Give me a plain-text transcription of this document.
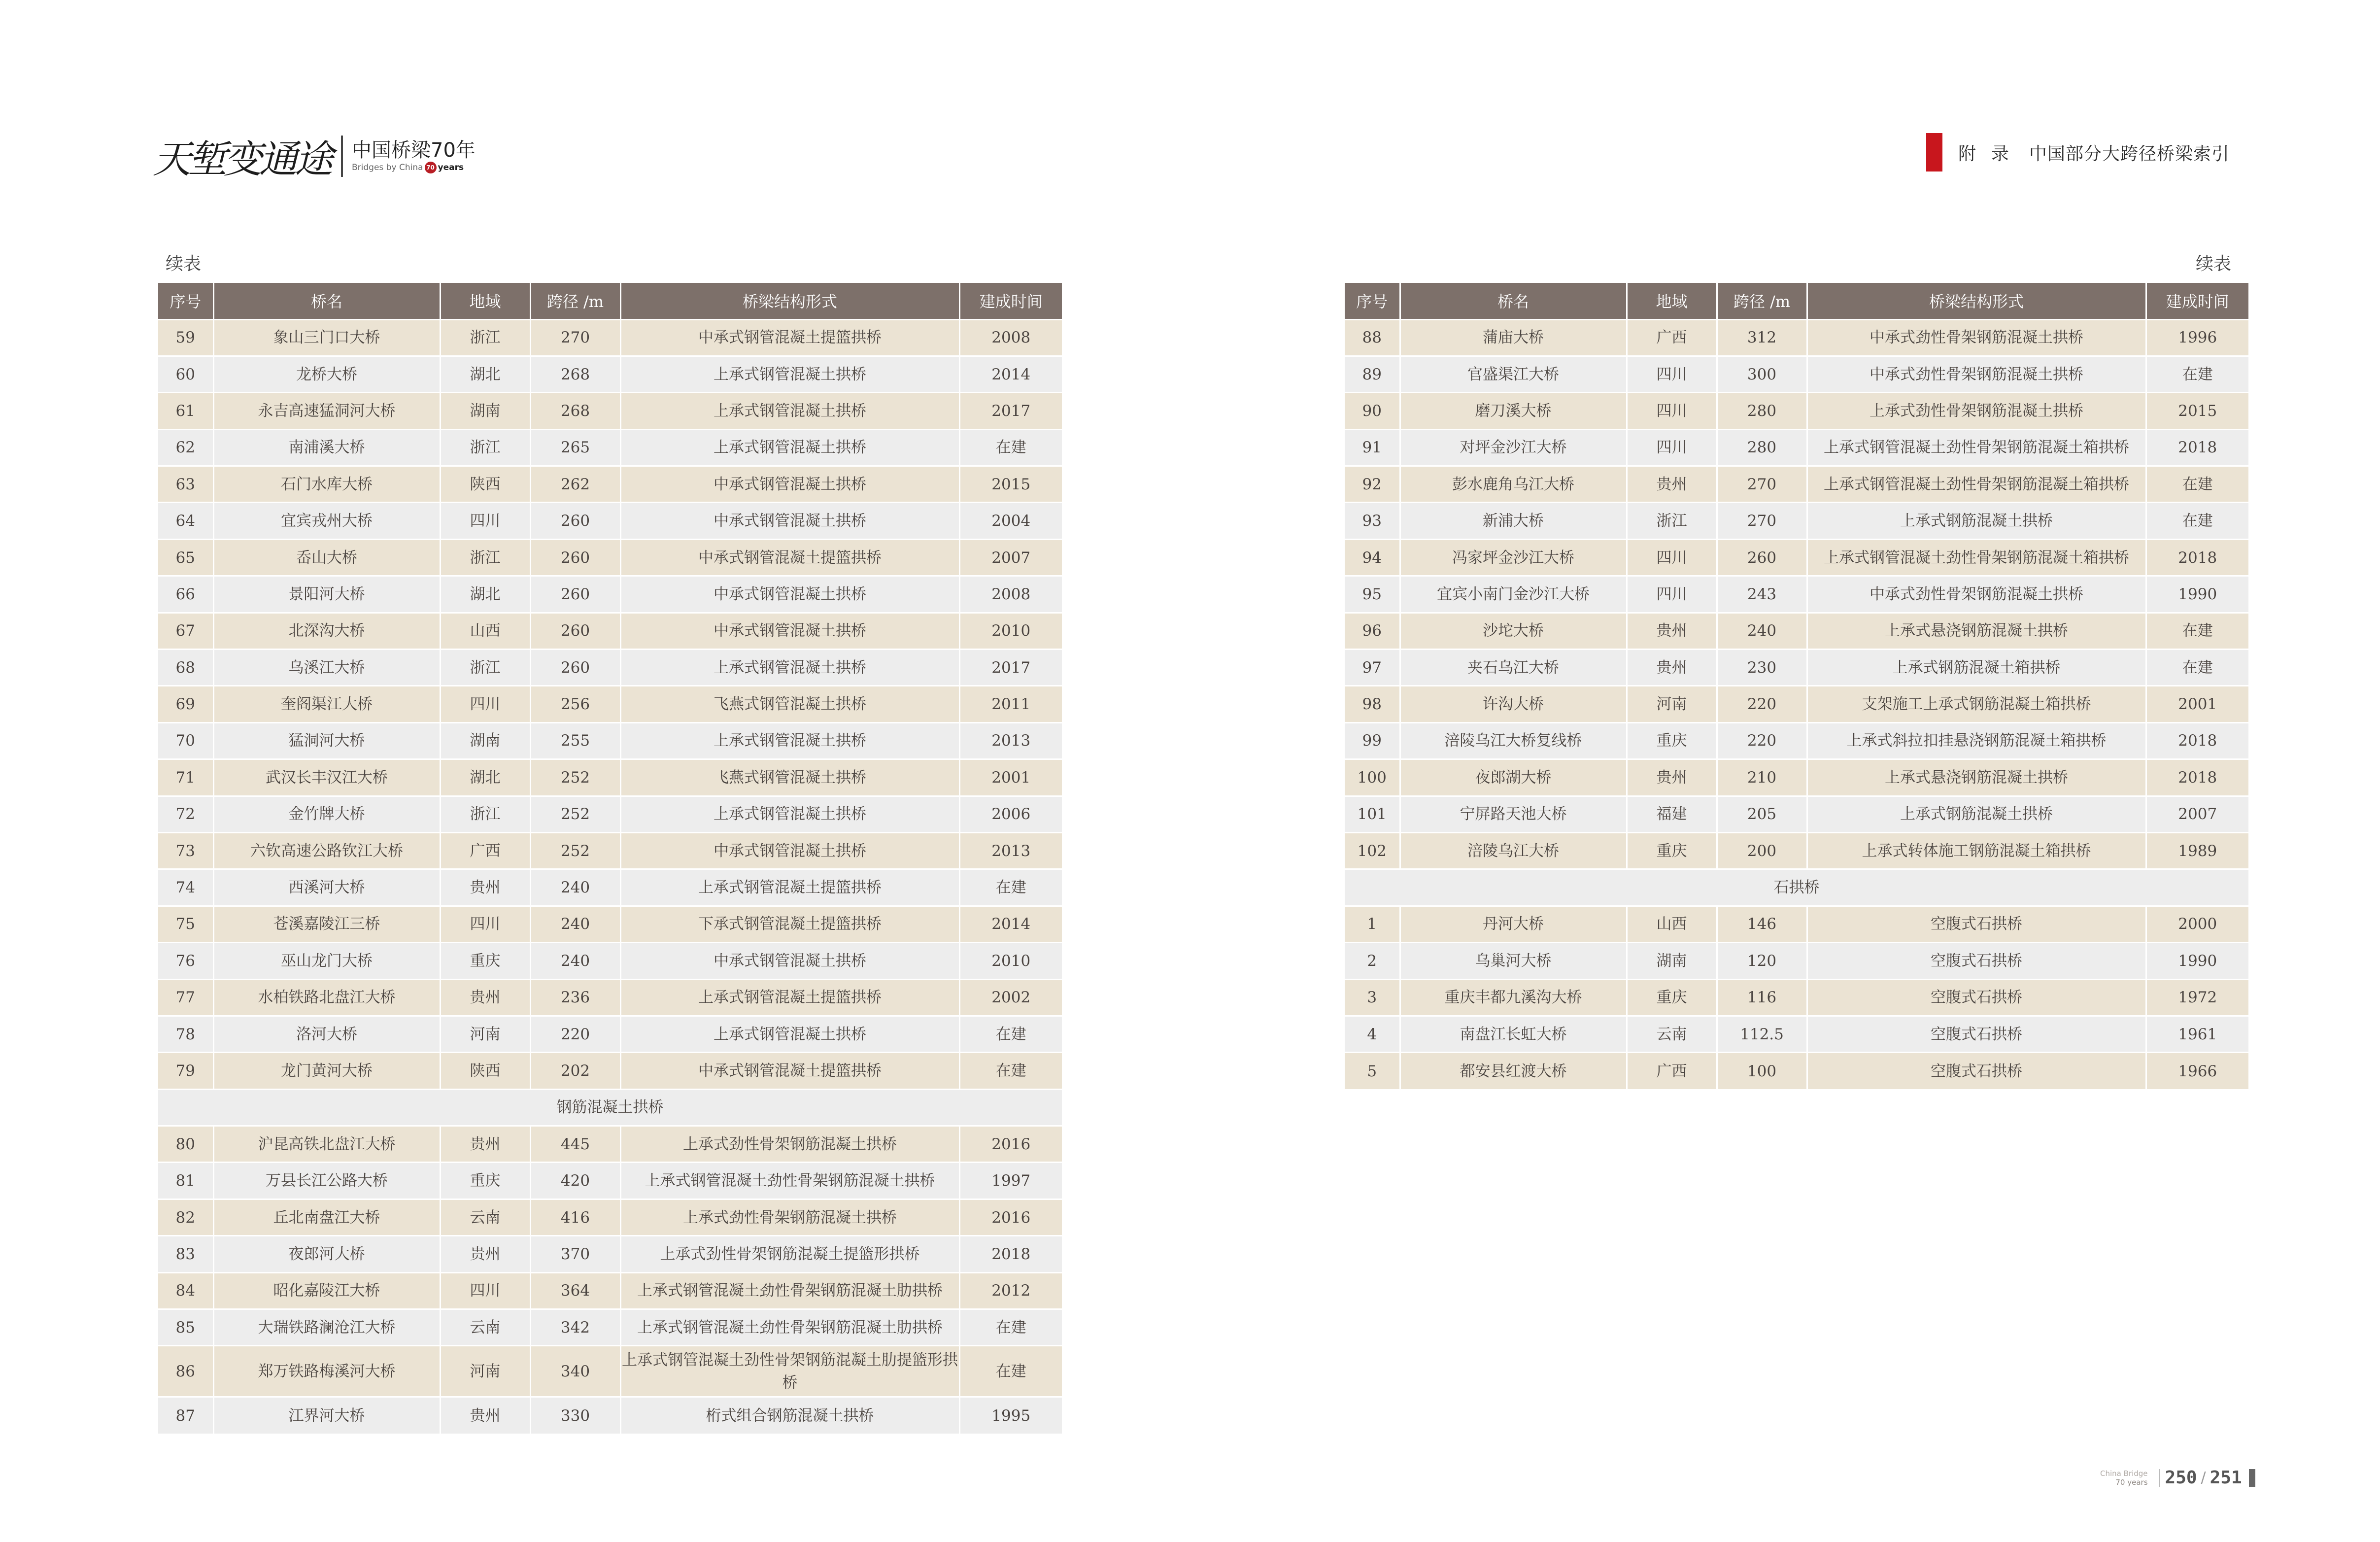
天堑变通途 中国桥梁70年
Bridges by China 70 years
附 录 中国部分大跨径桥梁索引
续表	续表
序号	桥名	地域	跨径 /m	桥梁结构形式	建成时间
59	象山三门口大桥	浙江	270	中承式钢管混凝土提篮拱桥	2008
60	龙桥大桥	湖北	268	上承式钢管混凝土拱桥	2014
61	永吉高速猛洞河大桥	湖南	268	上承式钢管混凝土拱桥	2017
62	南浦溪大桥	浙江	265	上承式钢管混凝土拱桥	在建
63	石门水库大桥	陕西	262	中承式钢管混凝土拱桥	2015
64	宜宾戎州大桥	四川	260	中承式钢管混凝土拱桥	2004
65	岙山大桥	浙江	260	中承式钢管混凝土提篮拱桥	2007
66	景阳河大桥	湖北	260	中承式钢管混凝土拱桥	2008
67	北深沟大桥	山西	260	中承式钢管混凝土拱桥	2010
68	乌溪江大桥	浙江	260	上承式钢管混凝土拱桥	2017
69	奎阁渠江大桥	四川	256	飞燕式钢管混凝土拱桥	2011
70	猛洞河大桥	湖南	255	上承式钢管混凝土拱桥	2013
71	武汉长丰汉江大桥	湖北	252	飞燕式钢管混凝土拱桥	2001
72	金竹牌大桥	浙江	252	上承式钢管混凝土拱桥	2006
73	六钦高速公路钦江大桥	广西	252	中承式钢管混凝土拱桥	2013
74	西溪河大桥	贵州	240	上承式钢管混凝土提篮拱桥	在建
75	苍溪嘉陵江三桥	四川	240	下承式钢管混凝土提篮拱桥	2014
76	巫山龙门大桥	重庆	240	中承式钢管混凝土拱桥	2010
77	水柏铁路北盘江大桥	贵州	236	上承式钢管混凝土提篮拱桥	2002
78	洛河大桥	河南	220	上承式钢管混凝土拱桥	在建
79	龙门黄河大桥	陕西	202	中承式钢管混凝土提篮拱桥	在建
钢筋混凝土拱桥					
80	沪昆高铁北盘江大桥	贵州	445	上承式劲性骨架钢筋混凝土拱桥	2016
81	万县长江公路大桥	重庆	420	上承式钢管混凝土劲性骨架钢筋混凝土拱桥	1997
82	丘北南盘江大桥	云南	416	上承式劲性骨架钢筋混凝土拱桥	2016
83	夜郎河大桥	贵州	370	上承式劲性骨架钢筋混凝土提篮形拱桥	2018
84	昭化嘉陵江大桥	四川	364	上承式钢管混凝土劲性骨架钢筋混凝土肋拱桥	2012
85	大瑞铁路澜沧江大桥	云南	342	上承式钢管混凝土劲性骨架钢筋混凝土肋拱桥	在建
86	郑万铁路梅溪河大桥	河南	340	上承式钢管混凝土劲性骨架钢筋混凝土肋提篮形拱桥	在建
87	江界河大桥	贵州	330	桁式组合钢筋混凝土拱桥	1995
序号	桥名	地域	跨径 /m	桥梁结构形式	建成时间
88	蒲庙大桥	广西	312	中承式劲性骨架钢筋混凝土拱桥	1996
89	官盛渠江大桥	四川	300	中承式劲性骨架钢筋混凝土拱桥	在建
90	磨刀溪大桥	四川	280	上承式劲性骨架钢筋混凝土拱桥	2015
91	对坪金沙江大桥	四川	280	上承式钢管混凝土劲性骨架钢筋混凝土箱拱桥	2018
92	彭水鹿角乌江大桥	贵州	270	上承式钢管混凝土劲性骨架钢筋混凝土箱拱桥	在建
93	新浦大桥	浙江	270	上承式钢筋混凝土拱桥	在建
94	冯家坪金沙江大桥	四川	260	上承式钢管混凝土劲性骨架钢筋混凝土箱拱桥	2018
95	宜宾小南门金沙江大桥	四川	243	中承式劲性骨架钢筋混凝土拱桥	1990
96	沙坨大桥	贵州	240	上承式悬浇钢筋混凝土拱桥	在建
97	夹石乌江大桥	贵州	230	上承式钢筋混凝土箱拱桥	在建
98	许沟大桥	河南	220	支架施工上承式钢筋混凝土箱拱桥	2001
99	涪陵乌江大桥复线桥	重庆	220	上承式斜拉扣挂悬浇钢筋混凝土箱拱桥	2018
100	夜郎湖大桥	贵州	210	上承式悬浇钢筋混凝土拱桥	2018
101	宁屏路天池大桥	福建	205	上承式钢筋混凝土拱桥	2007
102	涪陵乌江大桥	重庆	200	上承式转体施工钢筋混凝土箱拱桥	1989
石拱桥					
1	丹河大桥	山西	146	空腹式石拱桥	2000
2	乌巢河大桥	湖南	120	空腹式石拱桥	1990
3	重庆丰都九溪沟大桥	重庆	116	空腹式石拱桥	1972
4	南盘江长虹大桥	云南	112.5	空腹式石拱桥	1961
5	都安县红渡大桥	广西	100	空腹式石拱桥	1966
China Bridge
70 years 250 / 251
